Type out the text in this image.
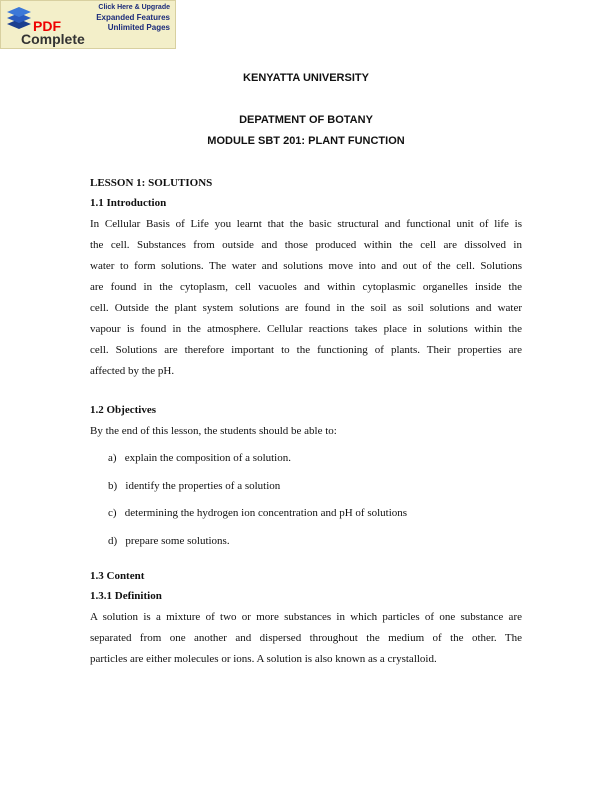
Click Here & Upgrade
Expanded Features
Unlimited Pages
PDF
Complete
KENYATTA UNIVERSITY
DEPATMENT OF BOTANY
MODULE SBT 201: PLANT FUNCTION
LESSON 1: SOLUTIONS
1.1 Introduction
In Cellular Basis of Life you learnt that the basic structural and functional unit of life is
the cell. Substances from outside and those produced within the cell are dissolved in
water to form solutions. The water and solutions move into and out of the cell. Solutions
are found in the cytoplasm, cell vacuoles and within cytoplasmic organelles inside the
cell. Outside the plant system solutions are found in the soil as soil solutions and water
vapour is found in the atmosphere. Cellular reactions takes place in solutions within the
cell. Solutions are therefore important to the functioning of plants. Their properties are
affected by the pH.
1.2 Objectives
By the end of this lesson, the students should be able to:
a)  explain the composition of a solution.
b)  identify the properties of a solution
c)  determining the hydrogen ion concentration and pH of solutions
d)  prepare some solutions.
1.3 Content
1.3.1 Definition
A solution is a mixture of two or more substances in which particles of one substance are
separated from one another and dispersed throughout the medium of the other. The
particles are either molecules or ions. A solution is also known as a crystalloid.
